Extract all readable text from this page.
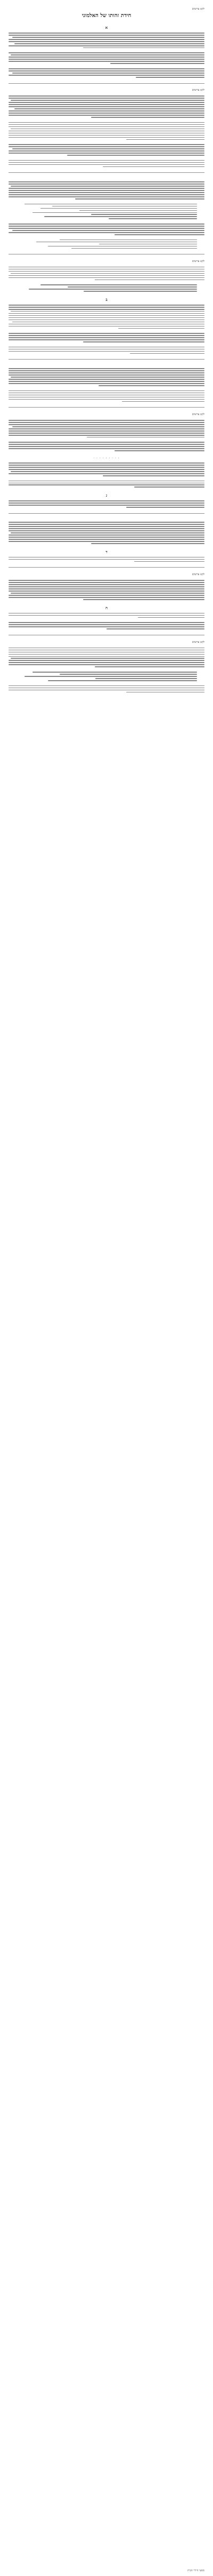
לקט ערוצים
חידת זהותו של האלמוני
א
לקט ערוצים
לקט ערוצים
ב
לקט ערוצים
. . . . . . . . .
ג
ד
לקט ערוצים
ה
לקט ערוצים
מסעי היידי הבית
